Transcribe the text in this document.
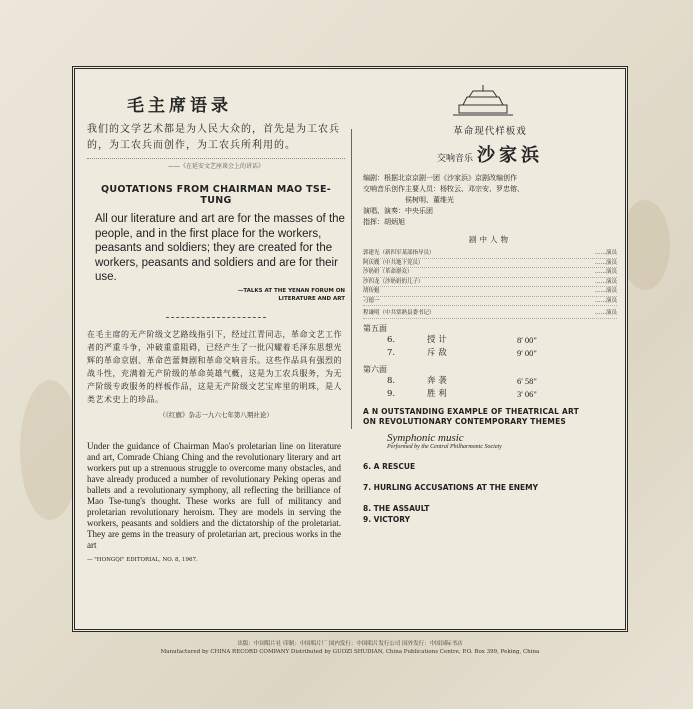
毛主席语录
我们的文学艺术都是为人民大众的，首先是为工农兵的，为工农兵而创作，为工农兵所利用的。
——《在延安文艺座谈会上的讲话》
QUOTATIONS FROM CHAIRMAN MAO TSE-TUNG
All our literature and art are for the masses of the people, and in the first place for the workers, peasants and soldiers; they are created for the workers, peasants and soldiers and are for their use.
—TALKS AT THE YENAN FORUM ON
LITERATURE AND ART
在毛主席的无产阶级文艺路线指引下，经过江青同志，革命文艺工作者的严重斗争，冲破重重阻碍，已经产生了一批闪耀着毛泽东思想光辉的革命京剧、革命芭蕾舞剧和革命交响音乐。这些作品具有强烈的战斗性，充满着无产阶级的革命英雄气概，这是为工农兵服务，为无产阶级专政服务的样板作品，这是无产阶级文艺宝库里的明珠，是人类艺术史上的珍品。
（《红旗》杂志一九六七年第八期社论）
Under the guidance of Chairman Mao's proletarian line on literature and art, Comrade Chiang Ching and the revolutionary literary and art workers put up a strenuous struggle to overcome many obstacles, and have already produced a number of revolutionary Peking operas and ballets and a revolutionary symphony, all reflecting the brilliance of Mao Tse-tung's thought. These works are full of militancy and proletarian revolutionary heroism. They are models in serving the workers, peasants and soldiers and the dictatorship of the proletariat. They are gems in the treasury of proletarian art, precious works in the art
— "HONGQI" EDITORIAL, NO. 8, 1967.
革命现代样板戏
交响音乐 沙家浜
编剧：根据北京京剧一团《沙家浜》京剧改编创作
交响音乐创作主要人员：杨牧云、邓宗安、罗忠镕、
侯树明、董维光
演唱、演奏：中央乐团
指挥：胡炳旭
剧中人物
郭建光（新四军某部指导员）	……演员
阿庆嫂（中共地下党员）	……演员
沙奶奶（革命群众）	……演员
沙四龙（沙奶奶的儿子）	……演员
胡传魁	……演员
刁德一	……演员
程谦明（中共常熟县委书记）	……演员
第五面
6.	授 计	8' 00"
7.	斥 敌	9' 00"
第六面
8.	奔 袭	6' 58"
9.	胜 利	3' 06"
A N OUTSTANDING EXAMPLE OF THEATRICAL ART
ON REVOLUTIONARY CONTEMPORARY THEMES
Symphonic music
Performed by the Central Philharmonic Society
6. A RESCUE
7. HURLING ACCUSATIONS AT THE ENEMY
8. THE ASSAULT
9. VICTORY
出版：中国唱片社 印制：中国唱片厂 国内发行：中国唱片发行公司 国外发行：中国国际书店
Manufactured by CHINA RECORD COMPANY Distributed by GUOZI SHUDIAN, China Publications Centre, P.O. Box 399, Peking, China
